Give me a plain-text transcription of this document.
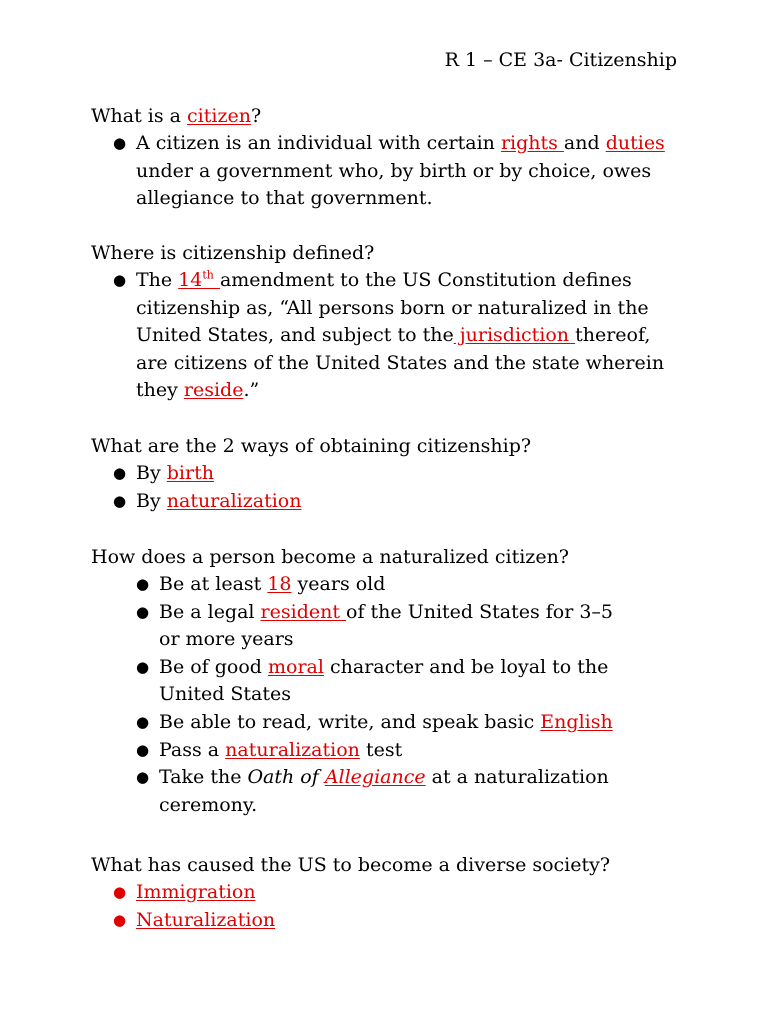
R 1 – CE 3a- Citizenship

What is a citizen?

● A citizen is an individual with certain rights and duties under a government who, by birth or by choice, owes allegiance to that government.

Where is citizenship defined?

● The 14th amendment to the US Constitution defines citizenship as, “All persons born or naturalized in the United States, and subject to the jurisdiction thereof, are citizens of the United States and the state wherein they reside.”

What are the 2 ways of obtaining citizenship?

● By birth
● By naturalization

How does a person become a naturalized citizen?

● Be at least 18 years old
● Be a legal resident of the United States for 3–5 or more years
● Be of good moral character and be loyal to the United States
● Be able to read, write, and speak basic English
● Pass a naturalization test
● Take the Oath of Allegiance at a naturalization ceremony.

What has caused the US to become a diverse society?

● Immigration
● Naturalization
